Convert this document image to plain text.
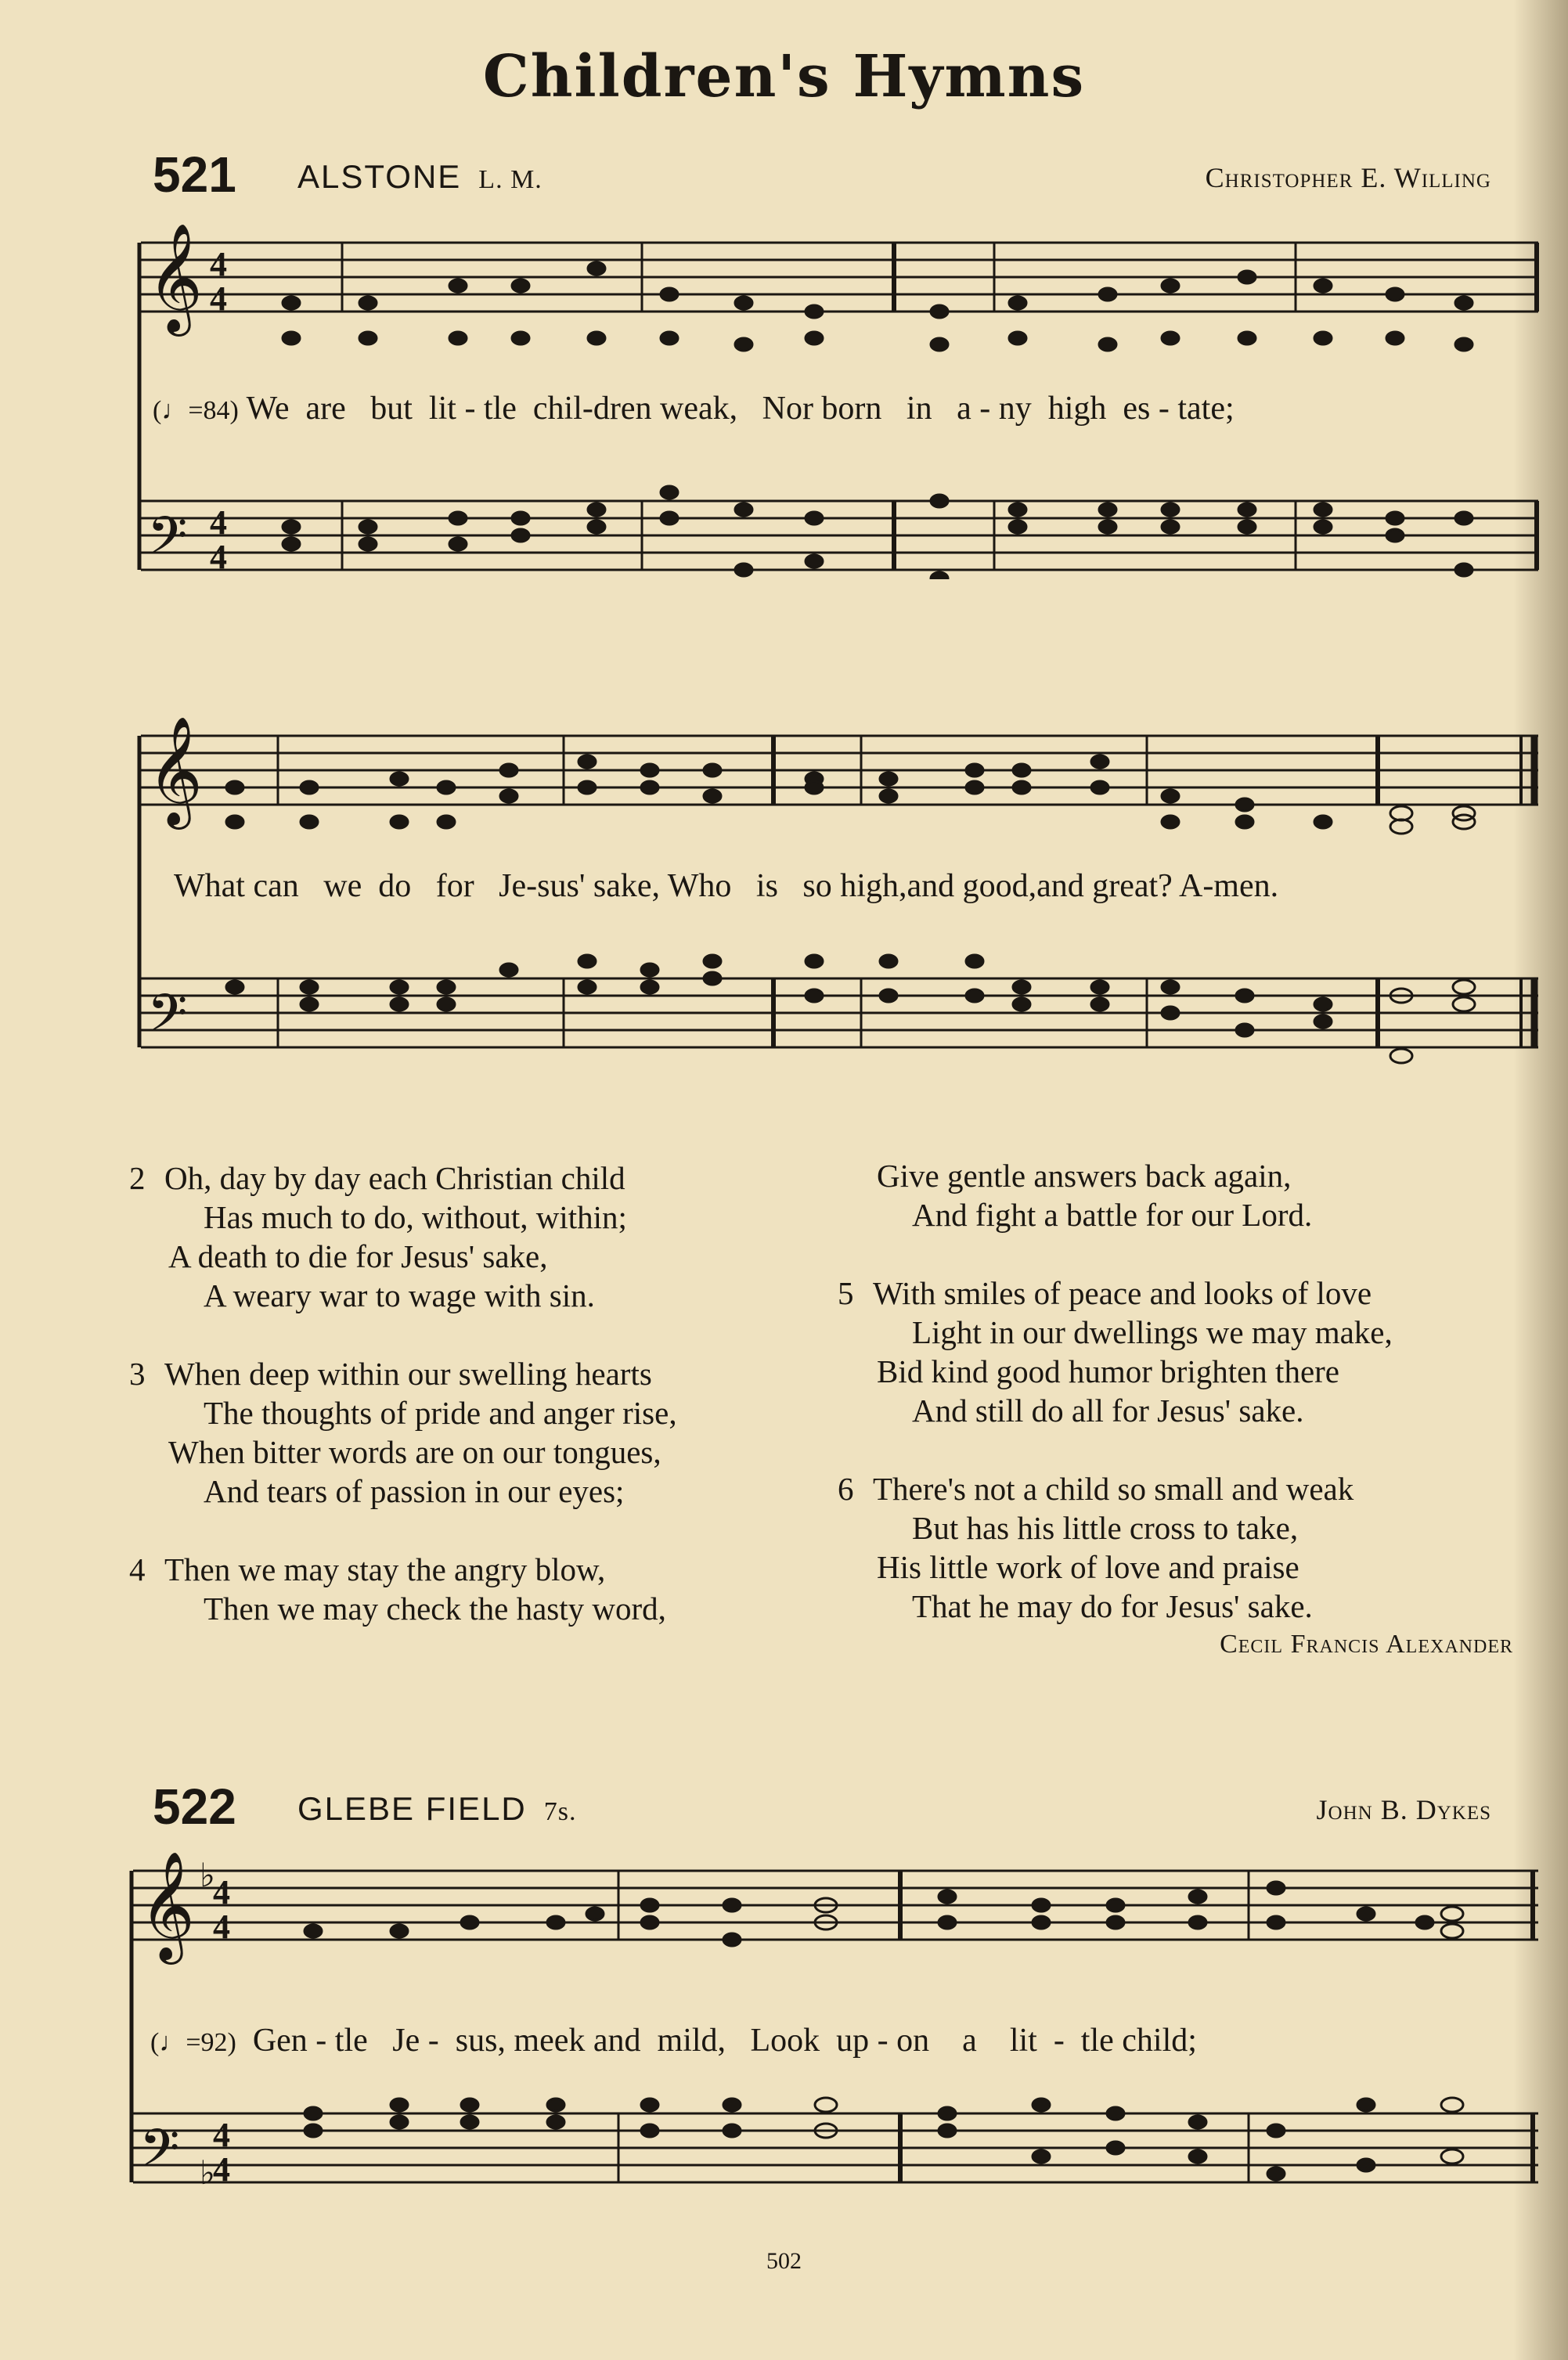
Children's Hymns
521 ALSTONE L. M.	Christopher E. Willing
𝄞 4
4
𝄢 4
4
(♩=84) We  are   but  lit - tle  chil-dren weak,   Nor born   in   a - ny  high  es - tate;
𝄞
𝄢
What can   we  do   for   Je-sus' sake, Who   is   so high,and good,and great? A-men.
2 Oh, day by day each Christian child
Has much to do, without, within;
A death to die for Jesus' sake,
A weary war to wage with sin.
3 When deep within our swelling hearts
The thoughts of pride and anger rise,
When bitter words are on our tongues,
And tears of passion in our eyes;
4 Then we may stay the angry blow,
Then we may check the hasty word,
Give gentle answers back again,
And fight a battle for our Lord.
5 With smiles of peace and looks of love
Light in our dwellings we may make,
Bid kind good humor brighten there
And still do all for Jesus' sake.
6 There's not a child so small and weak
But has his little cross to take,
His little work of love and praise
That he may do for Jesus' sake.
Cecil Francis Alexander
522 GLEBE FIELD 7s.	John B. Dykes
𝄞 ♭
4
4
𝄢 ♭
4
4
(♩=92) Gen - tle   Je -  sus, meek and  mild,   Look  up - on    a    lit  -  tle child;
502
